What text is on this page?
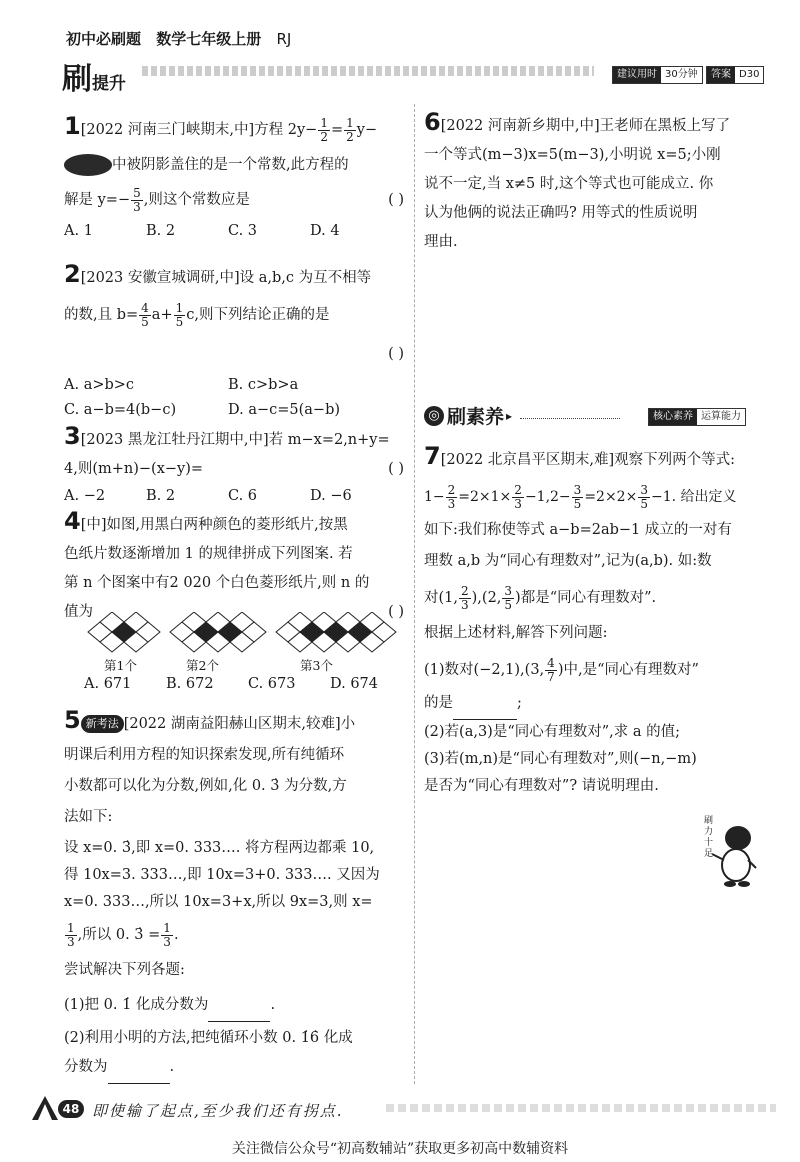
初中必刷题 数学七年级上册 RJ
刷提升	建议用时 30分钟	答案 D30
1[2022 河南三门峡期末,中]方程 $2y- \frac{1}{2} = \frac{1}{2} y-$
中被阴影盖住的是一个常数,此方程的
解是 $y=- \frac{5}{3}$ ,则这个常数应是	( )
A. 1	B. 2	C. 3	D. 4
2[2023 安徽宣城调研,中]设 a,b,c 为互不相等
的数,且 $b= \frac{4}{5} a+ \frac{1}{5} c$,则下列结论正确的是
( )
A. a>b>c	B. c>b>a
C. a−b=4(b−c)	D. a−c=5(a−b)
3[2023 黑龙江牡丹江期中,中]若 m−x=2,n+y=
4,则(m+n)−(x−y)=	( )
A. −2	B. 2	C. 6	D. −6
4[中]如图,用黑白两种颜色的菱形纸片,按黑
色纸片数逐渐增加 1 的规律拼成下列图案. 若
第 n 个图案中有2 020 个白色菱形纸片,则 n 的
值为	( )
…
第1个	第2个	第3个
A. 671	B. 672	C. 673	D. 674
5 新考法 [2022 湖南益阳赫山区期末,较难]小
明课后利用方程的知识探索发现,所有纯循环
小数都可以化为分数,例如,化 0. 3̇ 为分数,方
法如下:
设 x=0. 3̇,即 x=0. 333…. 将方程两边都乘 10,
得 10x=3. 333…,即 10x=3+0. 333…. 又因为
x=0. 333…,所以 10x=3+x,所以 9x=3,则 x=
$\frac{1}{3}$ ,所以 0. 3̇ = $\frac{1}{3}$ .
尝试解决下列各题:
(1)把 0. 1̇ 化成分数为	.
(2)利用小明的方法,把纯循环小数 0. 1̇6̇ 化成
分数为	.
6[2022 河南新乡期中,中]王老师在黑板上写了
一个等式(m−3)x=5(m−3),小明说 x=5;小刚
说不一定,当 x≠5 时,这个等式也可能成立. 你
认为他俩的说法正确吗? 用等式的性质说明
理由.
◎ 刷素养 ▸	核心素养 运算能力
7[2022 北京昌平区期末,难]观察下列两个等式:
$1- \frac{2}{3} =2\times 1\times \frac{2}{3} -1,2- \frac{3}{5} =2\times 2\times \frac{3}{5} -1$. 给出定义
如下:我们称使等式 a−b=2ab−1 成立的一对有
理数 a,b 为“同心有理数对”,记为(a,b). 如:数
对(1, $\frac{2}{3} ),(2$, $\frac{3}{5}$ )都是“同心有理数对”.
根据上述材料,解答下列问题:
(1)数对(−2,1),(3, $\frac{4}{7}$ )中,是“同心有理数对”
的是	;
(2)若(a,3)是“同心有理数对”,求 a 的值;
(3)若(m,n)是“同心有理数对”,则(−n,−m)
是否为“同心有理数对”? 请说明理由.
刷力十足
48 即使输了起点,至少我们还有拐点.
关注微信公众号“初高数辅站”获取更多初高中数辅资料
